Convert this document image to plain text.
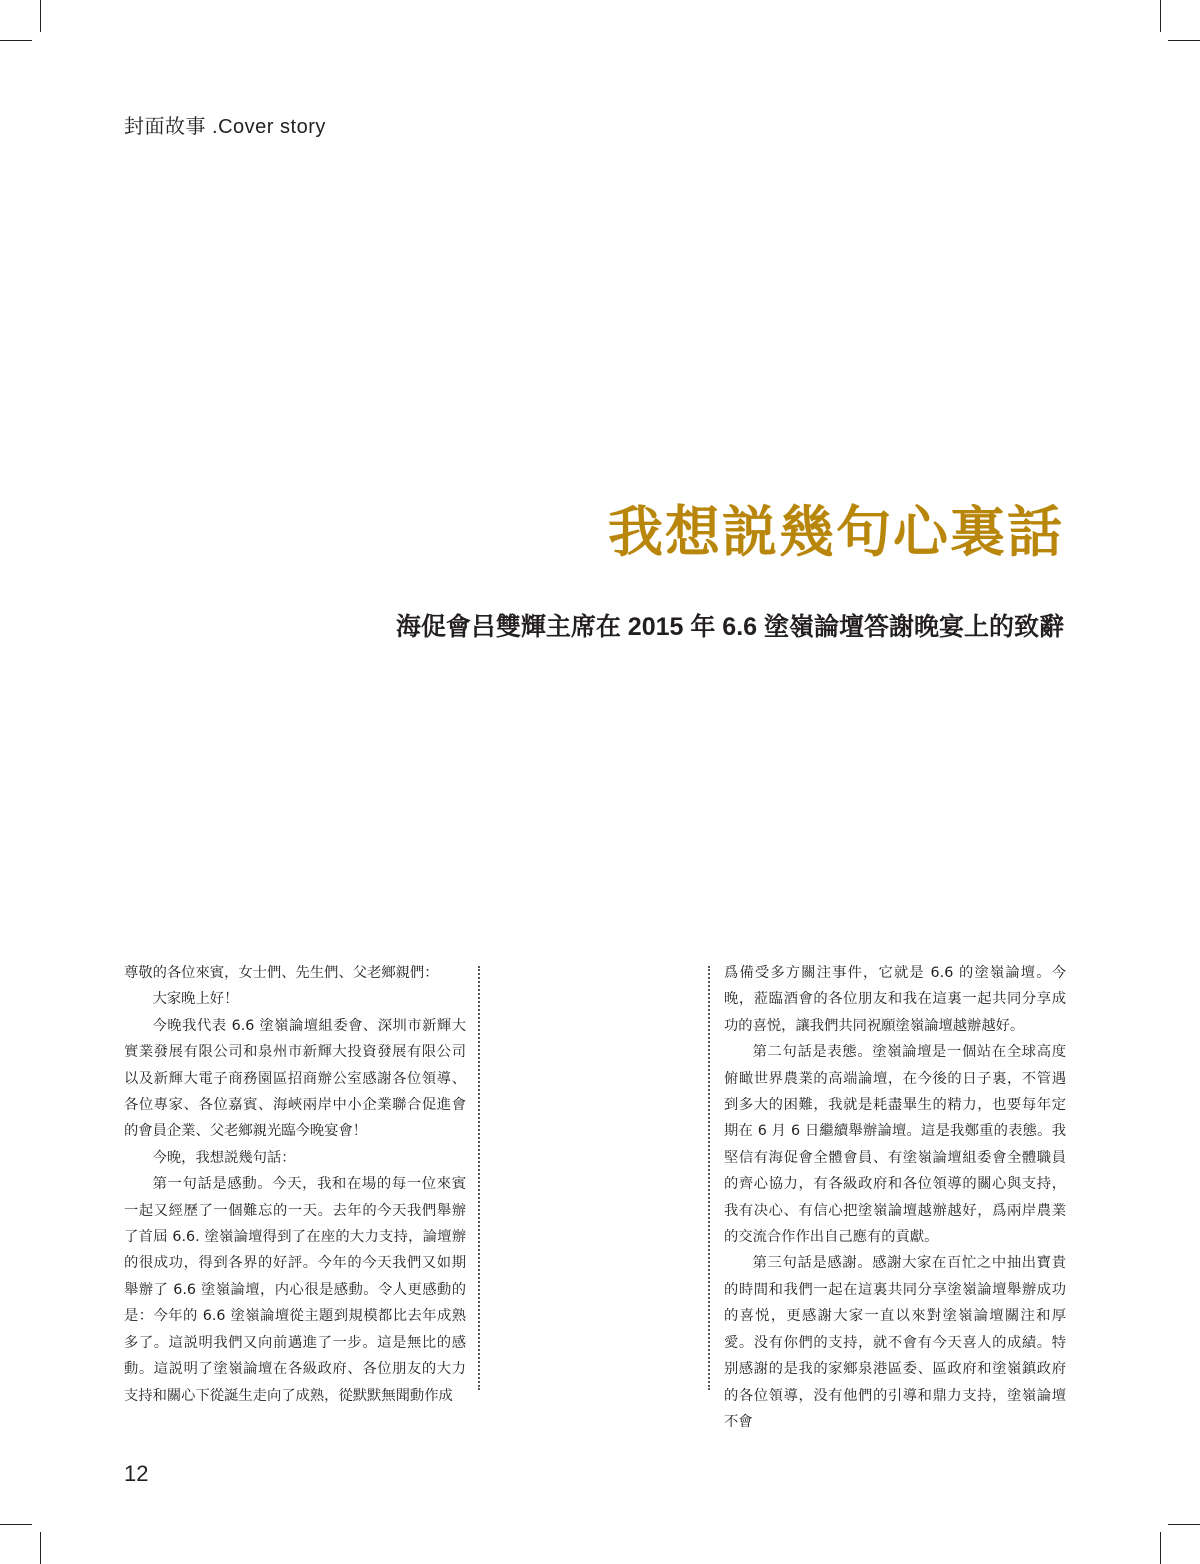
封面故事 .Cover story
我想説幾句心裏話
海促會吕雙輝主席在 2015 年 6.6 塗嶺論壇答謝晚宴上的致辭

尊敬的各位來賓，女士們、先生們、父老鄉親們：

大家晚上好！

今晚我代表 6.6 塗嶺論壇組委會、深圳市新輝大實業發展有限公司和泉州市新輝大投資發展有限公司以及新輝大電子商務園區招商辦公室感謝各位領導、各位專家、各位嘉賓、海峽兩岸中小企業聯合促進會的會員企業、父老鄉親光臨今晚宴會！

今晚，我想説幾句話：

第一句話是感動。今天，我和在場的每一位來賓一起又經歷了一個難忘的一天。去年的今天我們舉辦了首屆 6.6. 塗嶺論壇得到了在座的大力支持，論壇辦的很成功，得到各界的好評。今年的今天我們又如期舉辦了 6.6 塗嶺論壇，内心很是感動。令人更感動的是：今年的 6.6 塗嶺論壇從主題到規模都比去年成熟多了。這説明我們又向前邁進了一步。這是無比的感動。這説明了塗嶺論壇在各級政府、各位朋友的大力支持和關心下從誕生走向了成熟，從默默無聞動作成

爲備受多方關注事件，它就是 6.6 的塗嶺論壇。今晚，蒞臨酒會的各位朋友和我在這裏一起共同分享成功的喜悦，讓我們共同祝願塗嶺論壇越辦越好。

第二句話是表態。塗嶺論壇是一個站在全球高度俯瞰世界農業的高端論壇，在今後的日子裏，不管遇到多大的困難，我就是耗盡畢生的精力，也要每年定期在 6 月 6 日繼續舉辦論壇。這是我鄭重的表態。我堅信有海促會全體會員、有塗嶺論壇組委會全體職員的齊心協力，有各級政府和各位領導的關心與支持，我有决心、有信心把塗嶺論壇越辦越好，爲兩岸農業的交流合作作出自己應有的貢獻。

第三句話是感謝。感謝大家在百忙之中抽出寶貴的時間和我們一起在這裏共同分享塗嶺論壇舉辦成功的喜悦，更感謝大家一直以來對塗嶺論壇關注和厚愛。没有你們的支持，就不會有今天喜人的成績。特别感謝的是我的家鄉泉港區委、區政府和塗嶺鎮政府的各位領導，没有他們的引導和鼎力支持，塗嶺論壇不會

12
